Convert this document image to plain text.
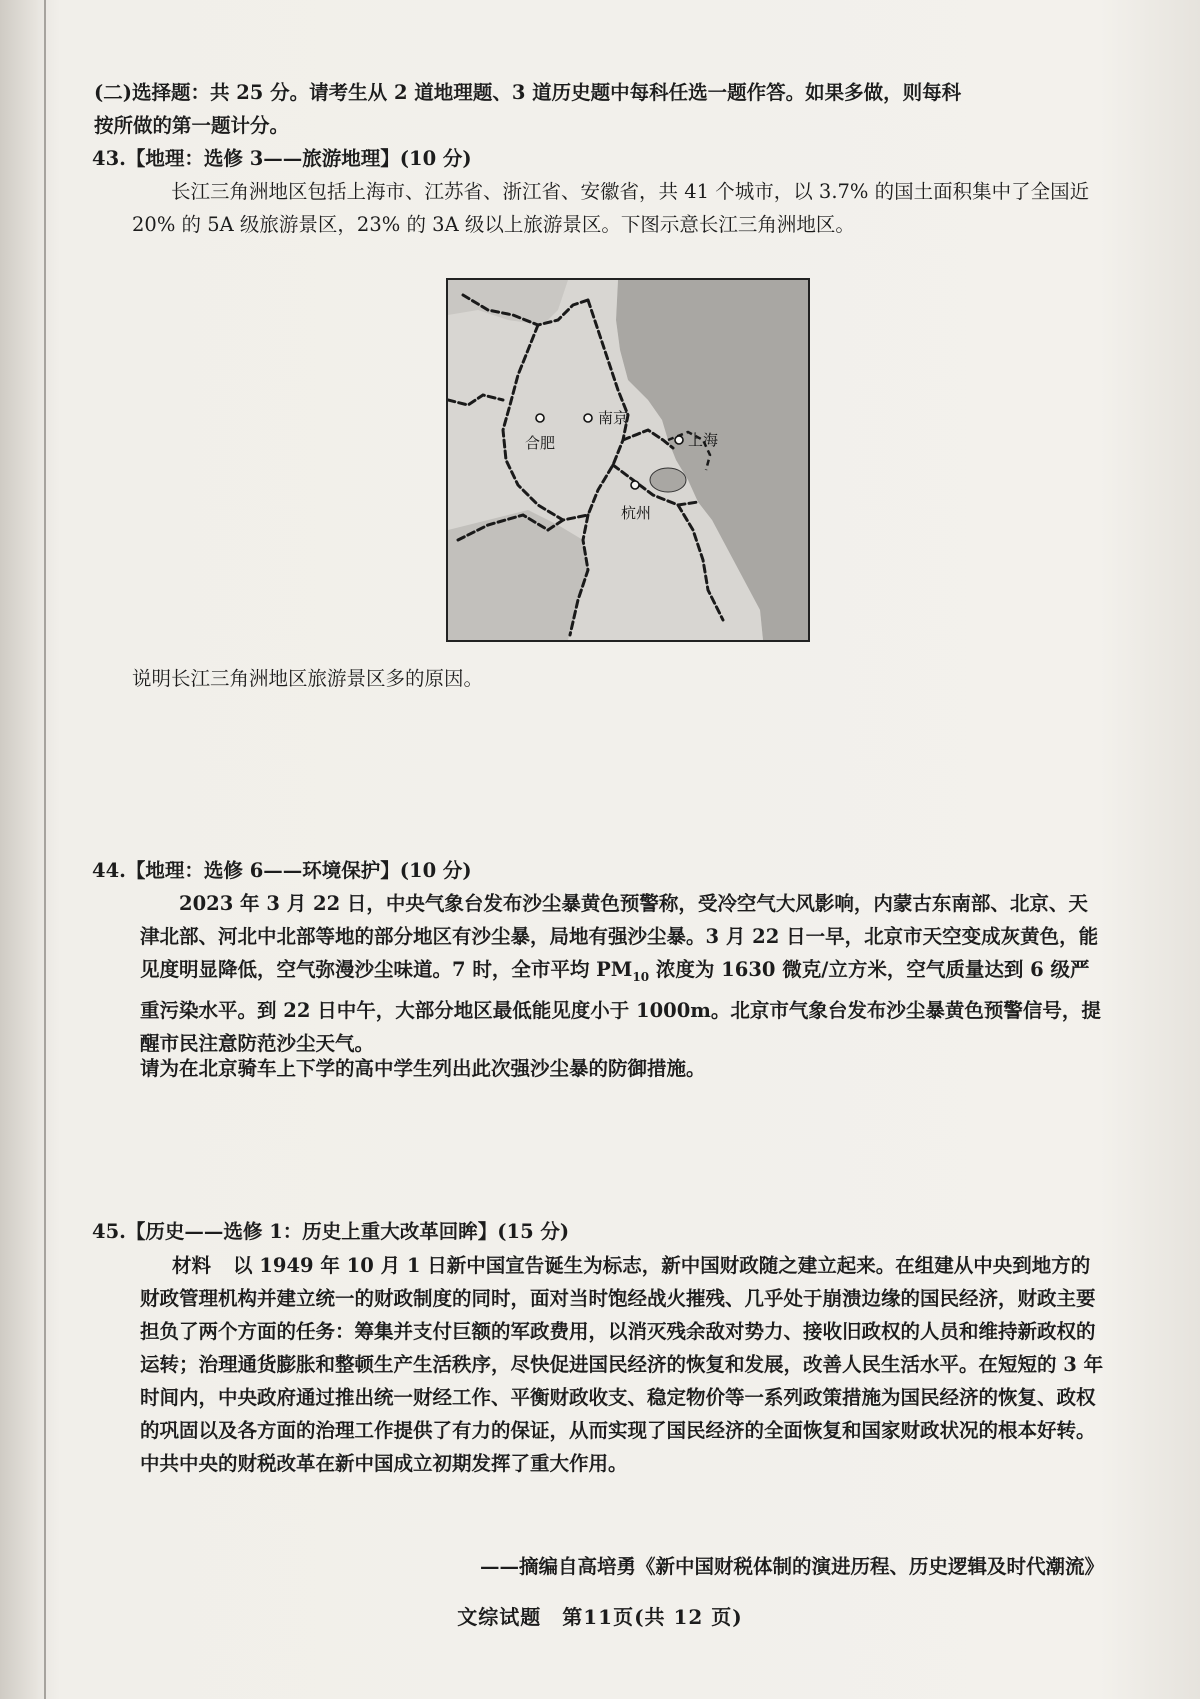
(二)选择题：共 25 分。请考生从 2 道地理题、3 道历史题中每科任选一题作答。如果多做，则每科

按所做的第一题计分。

43.【地理：选修 3——旅游地理】(10 分)

长江三角洲地区包括上海市、江苏省、浙江省、安徽省，共 41 个城市，以 3.7% 的国土面积集中了全国近 20% 的 5A 级旅游景区，23% 的 3A 级以上旅游景区。下图示意长江三角洲地区。

合肥
南京
上海
杭州

说明长江三角洲地区旅游景区多的原因。

44.【地理：选修 6——环境保护】(10 分)

2023 年 3 月 22 日，中央气象台发布沙尘暴黄色预警称，受冷空气大风影响，内蒙古东南部、北京、天津北部、河北中北部等地的部分地区有沙尘暴，局地有强沙尘暴。3 月 22 日一早，北京市天空变成灰黄色，能见度明显降低，空气弥漫沙尘味道。7 时，全市平均 $PM_{10}$ 浓度为 1630 微克/立方米，空气质量达到 6 级严重污染水平。到 22 日中午，大部分地区最低能见度小于 1000m。北京市气象台发布沙尘暴黄色预警信号，提醒市民注意防范沙尘天气。

请为在北京骑车上下学的高中学生列出此次强沙尘暴的防御措施。

45.【历史——选修 1：历史上重大改革回眸】(15 分)

材料 以 1949 年 10 月 1 日新中国宣告诞生为标志，新中国财政随之建立起来。在组建从中央到地方的财政管理机构并建立统一的财政制度的同时，面对当时饱经战火摧残、几乎处于崩溃边缘的国民经济，财政主要担负了两个方面的任务：筹集并支付巨额的军政费用，以消灭残余敌对势力、接收旧政权的人员和维持新政权的运转；治理通货膨胀和整顿生产生活秩序，尽快促进国民经济的恢复和发展，改善人民生活水平。在短短的 3 年时间内，中央政府通过推出统一财经工作、平衡财政收支、稳定物价等一系列政策措施为国民经济的恢复、政权的巩固以及各方面的治理工作提供了有力的保证，从而实现了国民经济的全面恢复和国家财政状况的根本好转。中共中央的财税改革在新中国成立初期发挥了重大作用。

——摘编自高培勇《新中国财税体制的演进历程、历史逻辑及时代潮流》

文综试题　第11页(共 12 页)
